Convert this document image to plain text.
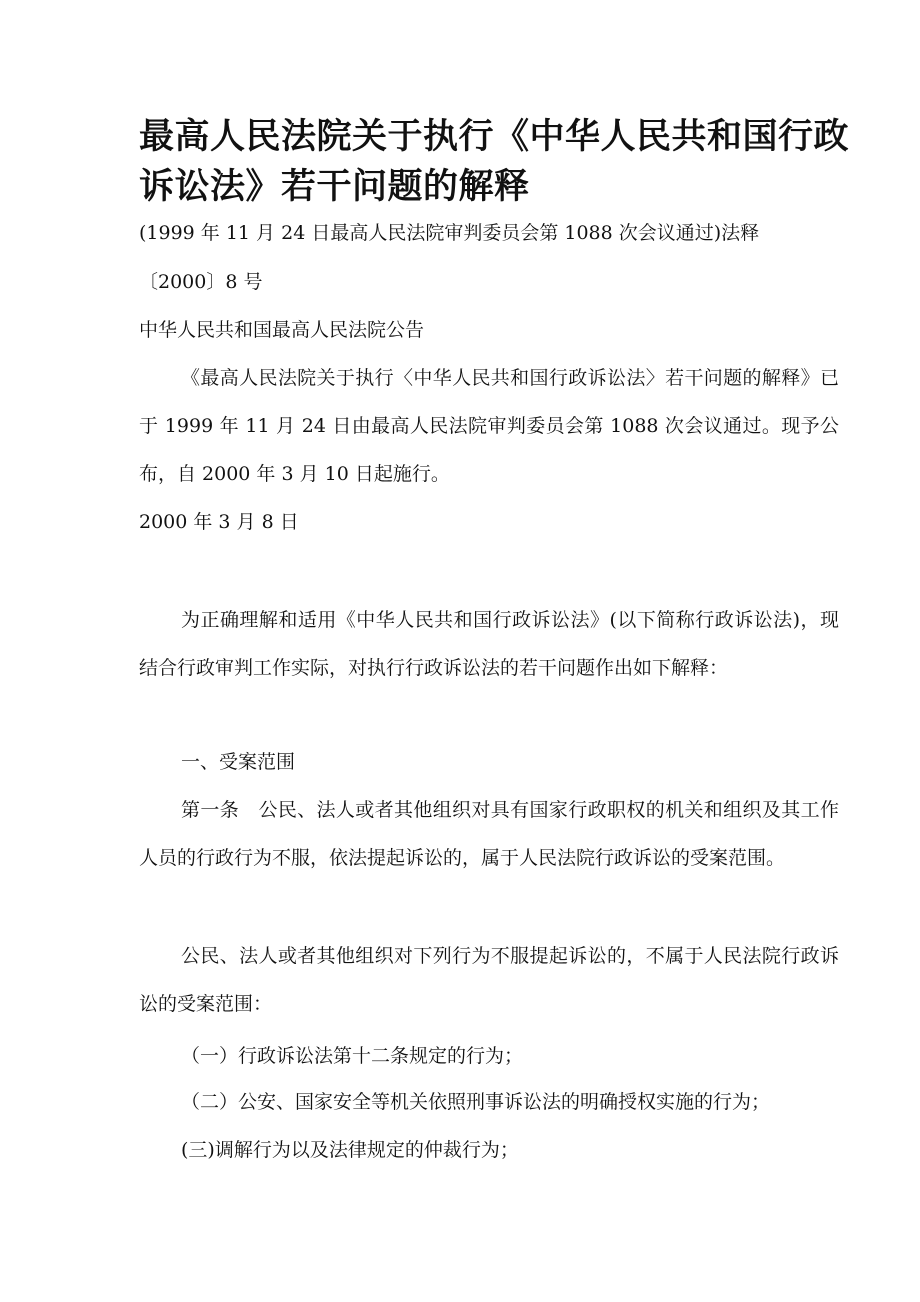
最高人民法院关于执行《中华人民共和国行政诉讼法》若干问题的解释

(1999 年 11 月 24 日最高人民法院审判委员会第 1088 次会议通过)法释

〔2000〕8 号

中华人民共和国最高人民法院公告

《最高人民法院关于执行〈中华人民共和国行政诉讼法〉若干问题的解释》已于 1999 年 11 月 24 日由最高人民法院审判委员会第 1088 次会议通过。现予公布，自 2000 年 3 月 10 日起施行。

2000 年 3 月 8 日

为正确理解和适用《中华人民共和国行政诉讼法》(以下简称行政诉讼法)，现结合行政审判工作实际，对执行行政诉讼法的若干问题作出如下解释：

一、受案范围

第一条　公民、法人或者其他组织对具有国家行政职权的机关和组织及其工作人员的行政行为不服，依法提起诉讼的，属于人民法院行政诉讼的受案范围。

公民、法人或者其他组织对下列行为不服提起诉讼的，不属于人民法院行政诉讼的受案范围：

（一）行政诉讼法第十二条规定的行为；

（二）公安、国家安全等机关依照刑事诉讼法的明确授权实施的行为；

(三)调解行为以及法律规定的仲裁行为；
